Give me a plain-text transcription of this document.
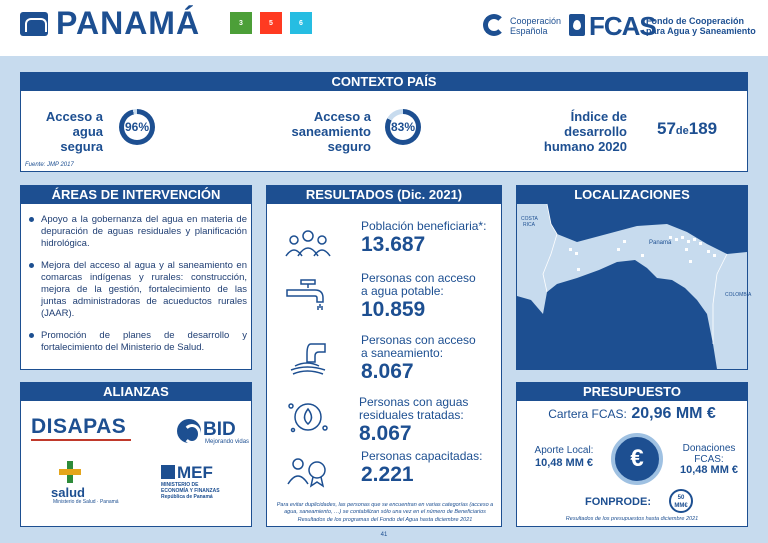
PANAMÁ	3	5	6	Cooperación
Española	FCAS
Fondo de Cooperación
para Agua y Saneamiento
CONTEXTO PAÍS
Acceso a
agua
segura
96%
Acceso a
saneamiento
seguro
83%
Índice de
desarrollo
humano 2020
57de189
Fuente: JMP 2017
ÁREAS DE INTERVENCIÓN
Apoyo a la gobernanza del agua en materia de depuración de aguas residuales y planificación hidrológica.
Mejora del acceso al agua y al saneamiento en comarcas indígenas y rurales: construcción, mejora de la gestión, fortalecimiento de las juntas administradoras de acueductos rurales (JAAR).
Promoción de planes de desarrollo y fortalecimiento del Ministerio de Salud.
ALIANZAS
DISAPAS	BID
Mejorando vidas
salud
Ministerio de Salud · Panamá
MEF
MINISTERIO DE
ECONOMÍA Y FINANZAS
República de Panamá
RESULTADOS (Dic. 2021)
Población beneficiaria*:
13.687
Personas con acceso
a agua potable:
10.859
Personas con acceso
a saneamiento:
8.067
Personas con aguas
residuales tratadas:
8.067
Personas capacitadas:
2.221
Para evitar duplicidades, las personas que se encuentran en varias categorías (acceso a agua, saneamiento, …) se contabilizan sólo una vez en el número de Beneficiarios
Resultados de los programas del Fondo del Agua hasta diciembre 2021
LOCALIZACIONES
COSTA
RICA
Panamá
COLOMBIA
PRESUPUESTO
Cartera FCAS: 20,96 MM €
Aporte Local:
10,48 MM €	€	Donaciones
FCAS:
10,48 MM €
FONPRODE:	50
MM€
Resultados de los presupuestos hasta diciembre 2021
41
